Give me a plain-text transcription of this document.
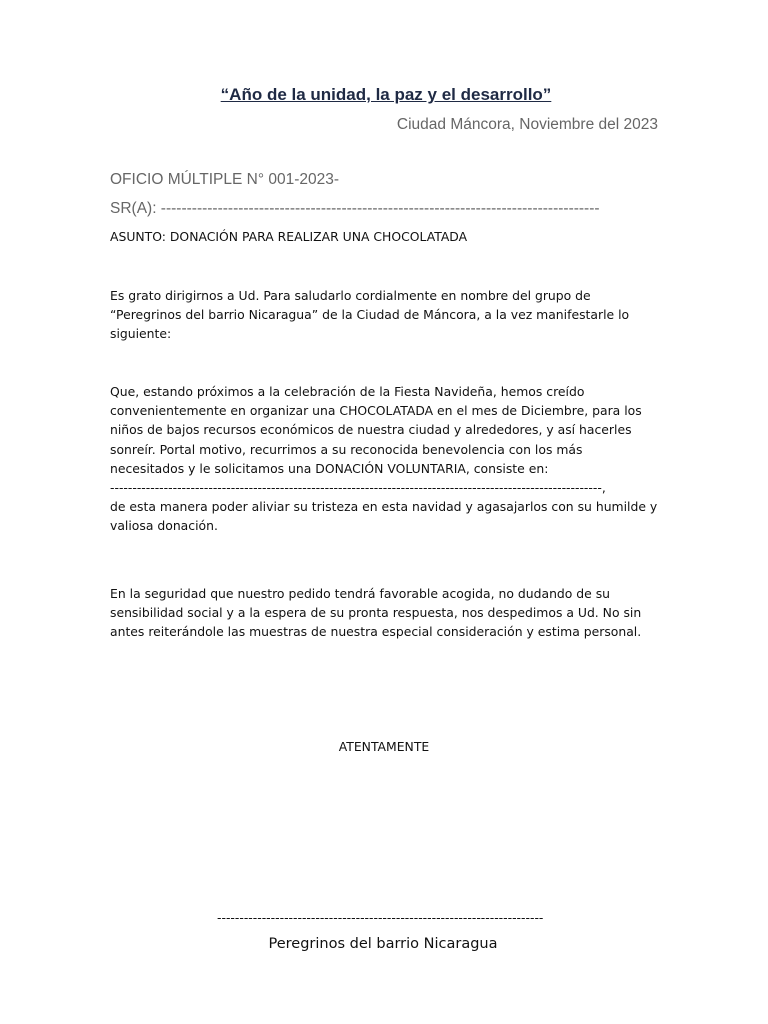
“Año de la unidad, la paz y el desarrollo”
Ciudad Máncora, Noviembre del 2023
OFICIO MÚLTIPLE N° 001-2023-
SR(A): -------------------------------------------------------------------------------------
ASUNTO: DONACIÓN PARA REALIZAR UNA CHOCOLATADA
Es grato dirigirnos a Ud. Para saludarlo cordialmente en nombre del grupo de
“Peregrinos del barrio Nicaragua” de la Ciudad de Máncora, a la vez manifestarle lo
siguiente:
Que, estando próximos a la celebración de la Fiesta Navideña, hemos creído
convenientemente en organizar una CHOCOLATADA en el mes de Diciembre, para los
niños de bajos recursos económicos de nuestra ciudad y alrededores, y así hacerles
sonreír. Portal motivo, recurrimos a su reconocida benevolencia con los más
necesitados y le solicitamos una DONACIÓN VOLUNTARIA, consiste en:
--------------------------------------------------------------------------------------------------------------,
de esta manera poder aliviar su tristeza en esta navidad y agasajarlos con su humilde y
valiosa donación.
En la seguridad que nuestro pedido tendrá favorable acogida, no dudando de su
sensibilidad social y a la espera de su pronta respuesta, nos despedimos a Ud. No sin
antes reiterándole las muestras de nuestra especial consideración y estima personal.
ATENTAMENTE
-------------------------------------------------------------------------
Peregrinos del barrio Nicaragua
